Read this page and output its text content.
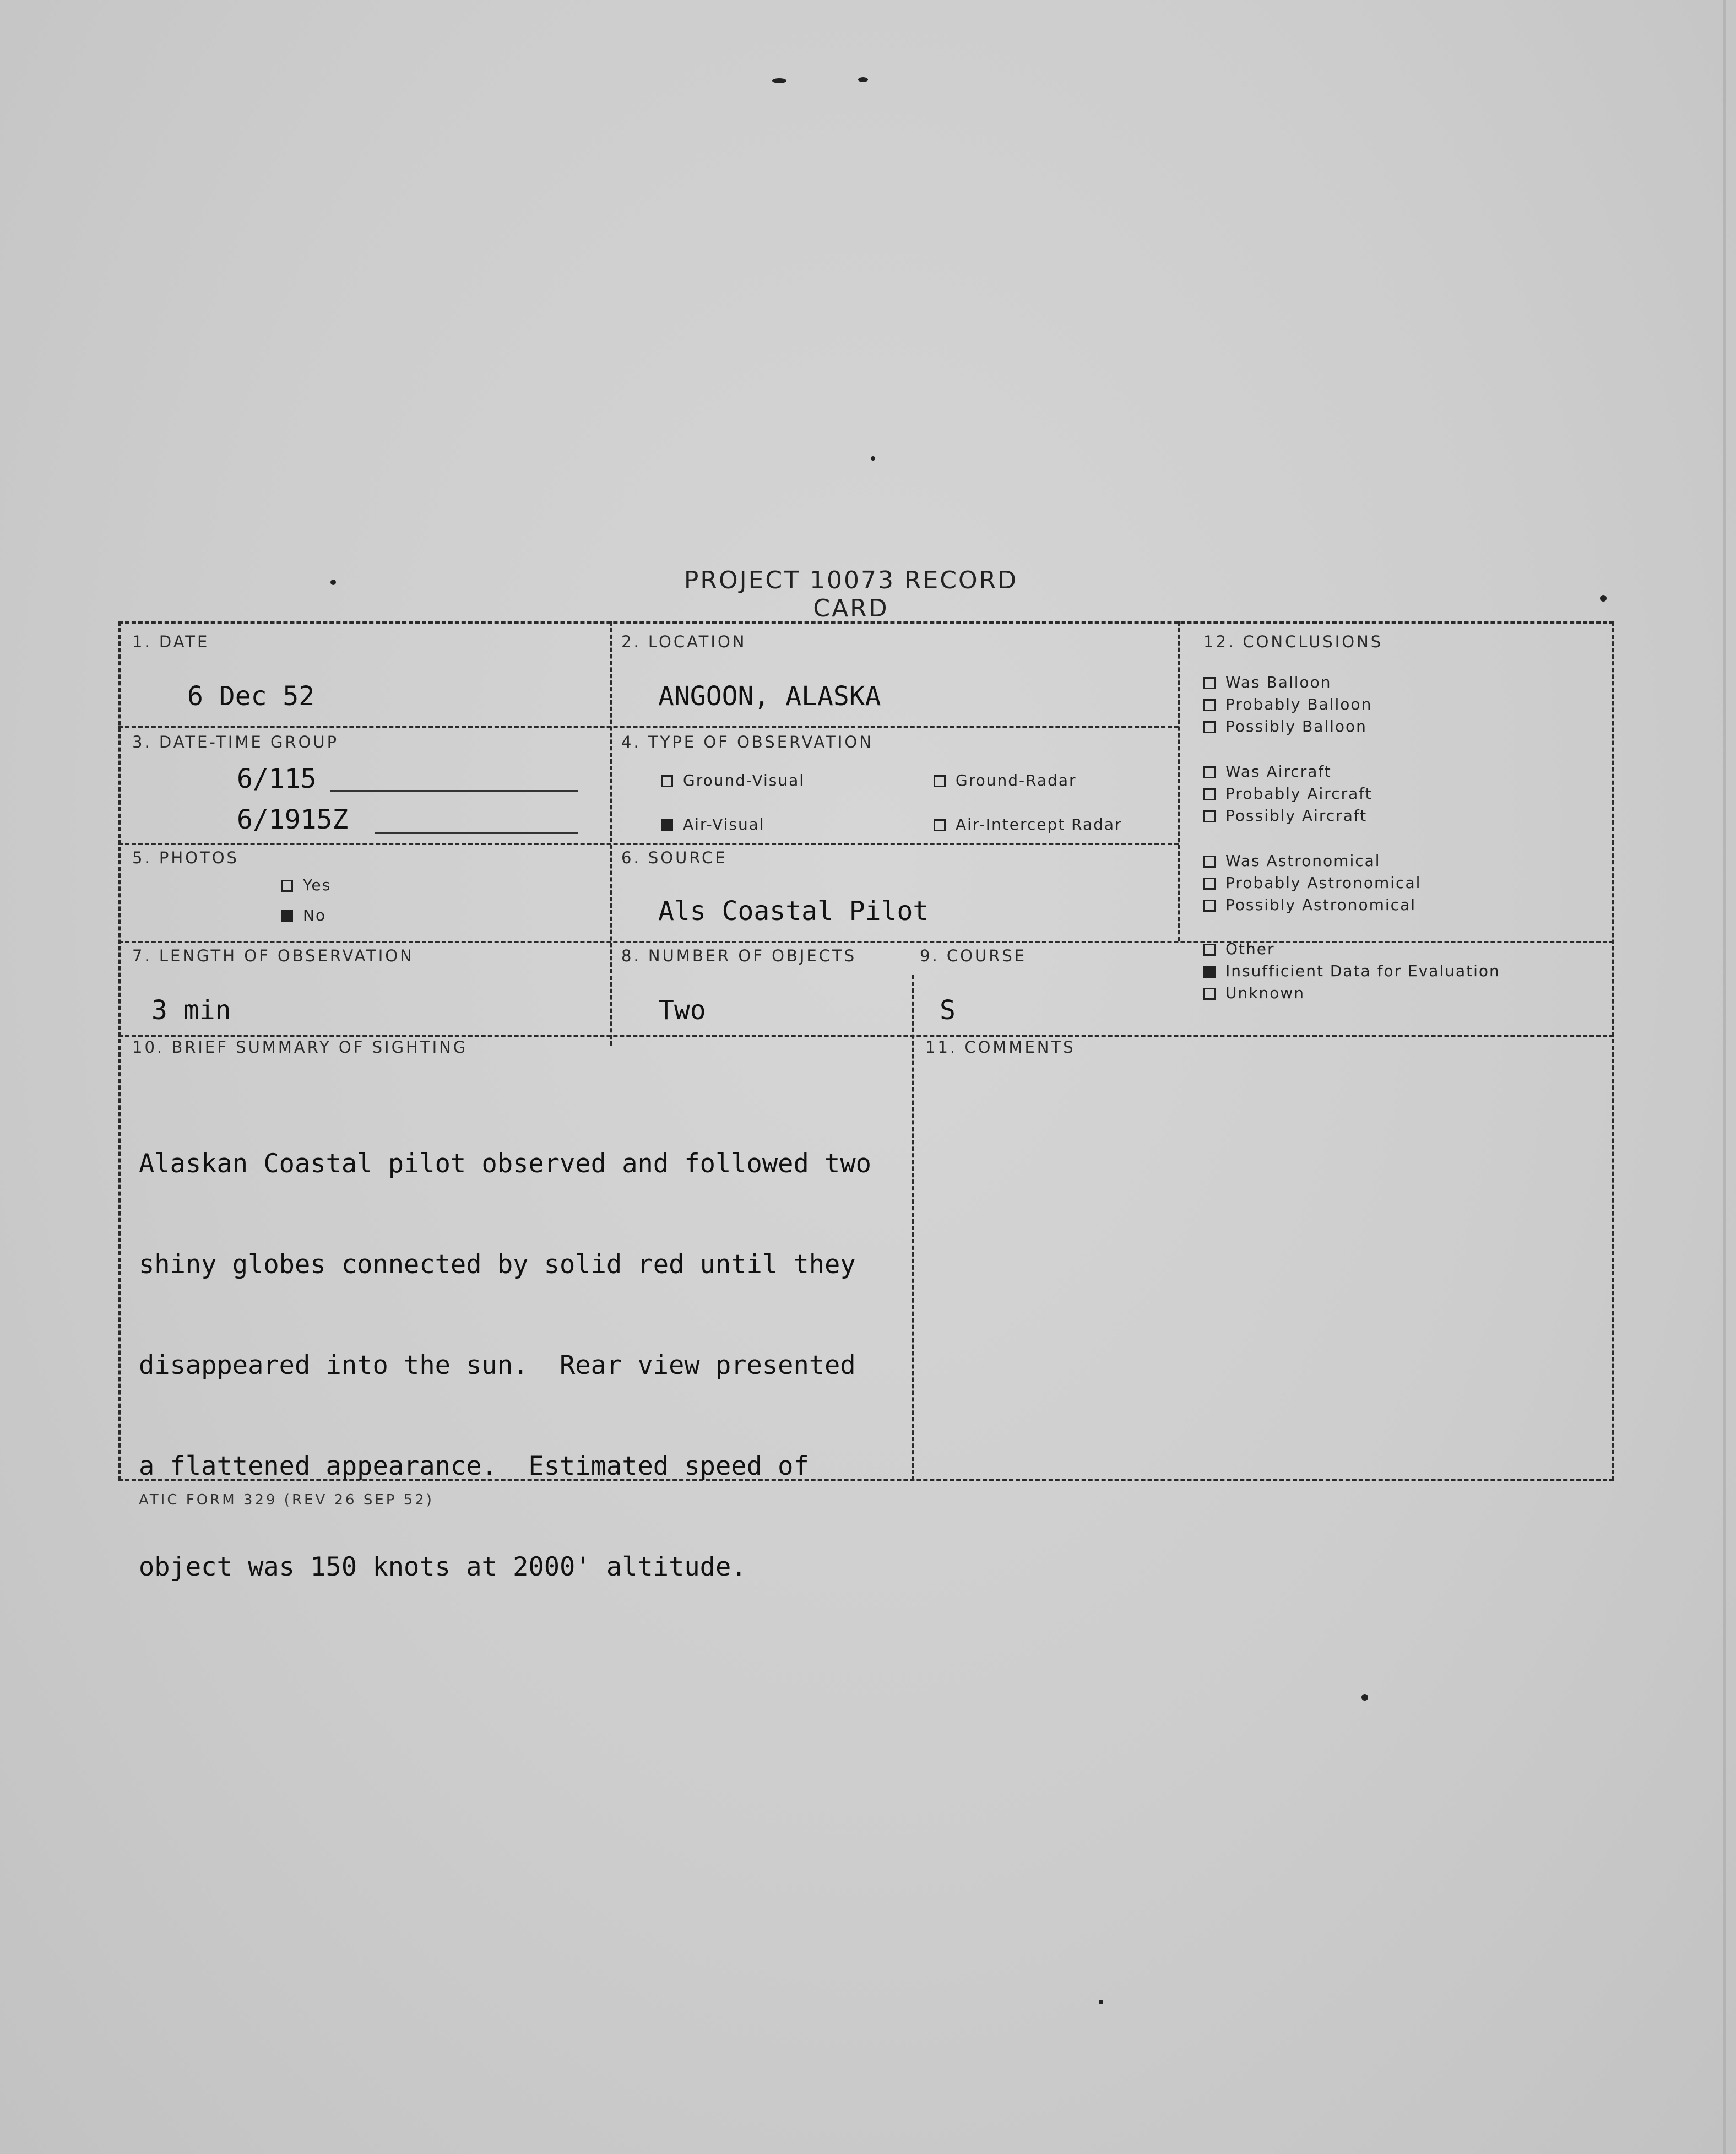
PROJECT 10073 RECORD CARD
1. DATE
6 Dec 52
2. LOCATION
ANGOON, ALASKA
3. DATE-TIME GROUP
6/115
6/1915Z
4. TYPE OF OBSERVATION
Ground-Visual	Ground-Radar
Air-Visual	Air-Intercept Radar
5. PHOTOS
Yes
No
6. SOURCE
Als Coastal Pilot
7. LENGTH OF OBSERVATION
3 min
8. NUMBER OF OBJECTS
Two
9. COURSE
S
10. BRIEF SUMMARY OF SIGHTING	11. COMMENTS

Alaskan Coastal pilot observed and followed two

shiny globes connected by solid red until they

disappeared into the sun.  Rear view presented

a flattened appearance.  Estimated speed of

object was 150 knots at 2000' altitude.

12. CONCLUSIONS
Was Balloon
Probably Balloon
Possibly Balloon
Was Aircraft
Probably Aircraft
Possibly Aircraft
Was Astronomical
Probably Astronomical
Possibly Astronomical
Other
Insufficient Data for Evaluation
Unknown
ATIC FORM 329 (REV 26 SEP 52)
